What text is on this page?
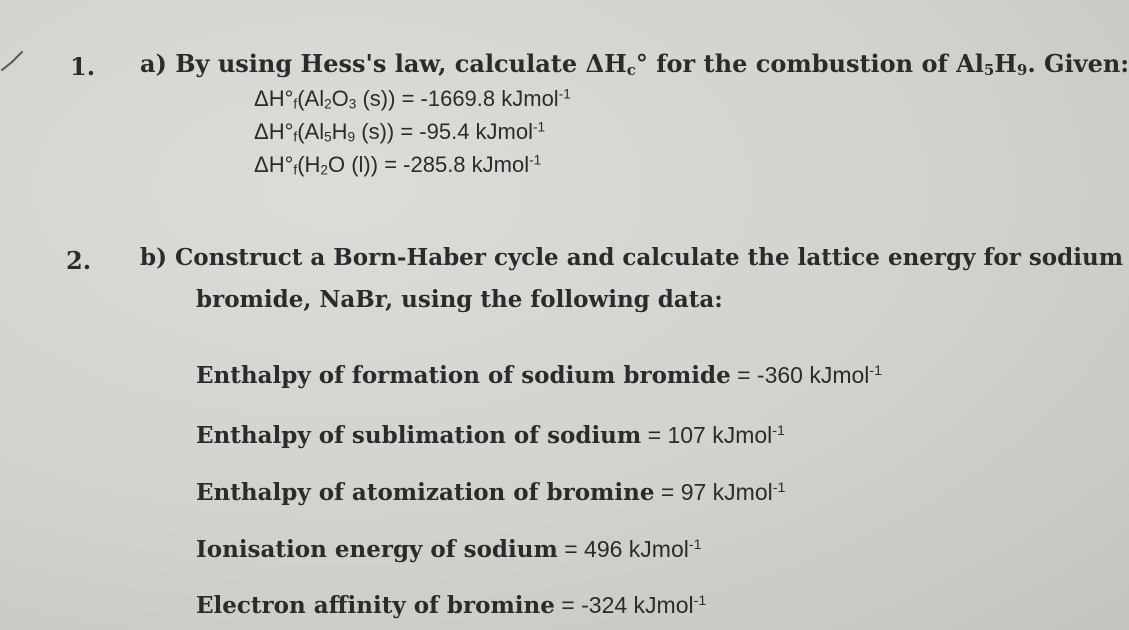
1. a) By using Hess's law, calculate $\Delta H_c^\circ$ for the combustion of $Al_5H_9$. Given:
$\Delta H^\circ_f(Al_2O_3$ (s)) = -1669.8 kJmol$^{-1}$
$\Delta H^\circ_f(Al_5H_9$ (s)) = -95.4 kJmol$^{-1}$
$\Delta H^\circ_f(H_2O$ (l)) = -285.8 kJmol$^{-1}$
2. b) Construct a Born-Haber cycle and calculate the lattice energy for sodium
bromide, NaBr, using the following data:
Enthalpy of formation of sodium bromide = -360 kJmol$^{-1}$
Enthalpy of sublimation of sodium = 107 kJmol$^{-1}$
Enthalpy of atomization of bromine = 97 kJmol$^{-1}$
Ionisation energy of sodium = 496 kJmol$^{-1}$
Electron affinity of bromine = -324 kJmol$^{-1}$
